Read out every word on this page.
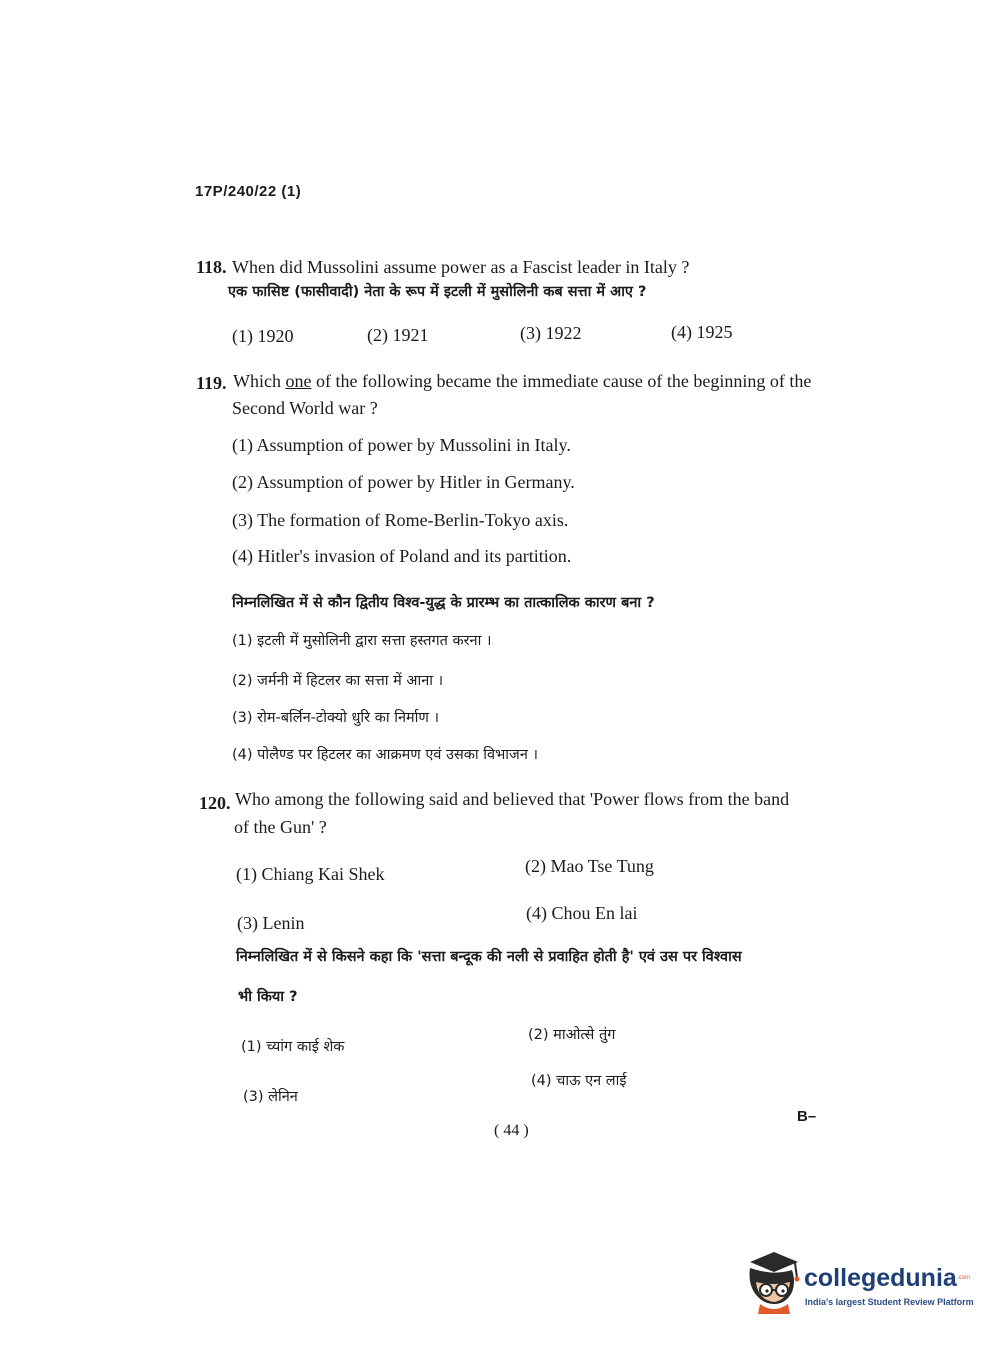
17P/240/22 (1)
118. When did Mussolini assume power as a Fascist leader in Italy ?
एक फासिष्ट (फासीवादी) नेता के रूप में इटली में मुसोलिनी कब सत्ता में आए ?
(1) 1920	(2) 1921	(3) 1922	(4) 1925
119. Which one of the following became the immediate cause of the beginning of the
Second World war ?
(1) Assumption of power by Mussolini in Italy.
(2) Assumption of power by Hitler in Germany.
(3) The formation of Rome-Berlin-Tokyo axis.
(4) Hitler's invasion of Poland and its partition.
निम्नलिखित में से कौन द्वितीय विश्व-युद्ध के प्रारम्भ का तात्कालिक कारण बना ?
(1) इटली में मुसोलिनी द्वारा सत्ता हस्तगत करना ।
(2) जर्मनी में हिटलर का सत्ता में आना ।
(3) रोम-बर्लिन-टोक्यो धुरि का निर्माण ।
(4) पोलैण्ड पर हिटलर का आक्रमण एवं उसका विभाजन ।
120. Who among the following said and believed that 'Power flows from the band
of the Gun' ?
(1) Chiang Kai Shek	(2) Mao Tse Tung
(3) Lenin	(4) Chou En lai
निम्नलिखित में से किसने कहा कि 'सत्ता बन्दूक की नली से प्रवाहित होती है' एवं उस पर विश्वास
भी किया ?
(1) च्यांग काई शेक
(2) माओत्से तुंग
(3) लेनिन
(4) चाऊ एन लाई
( 44 )
B–
collegedunia .com
India's largest Student Review Platform
